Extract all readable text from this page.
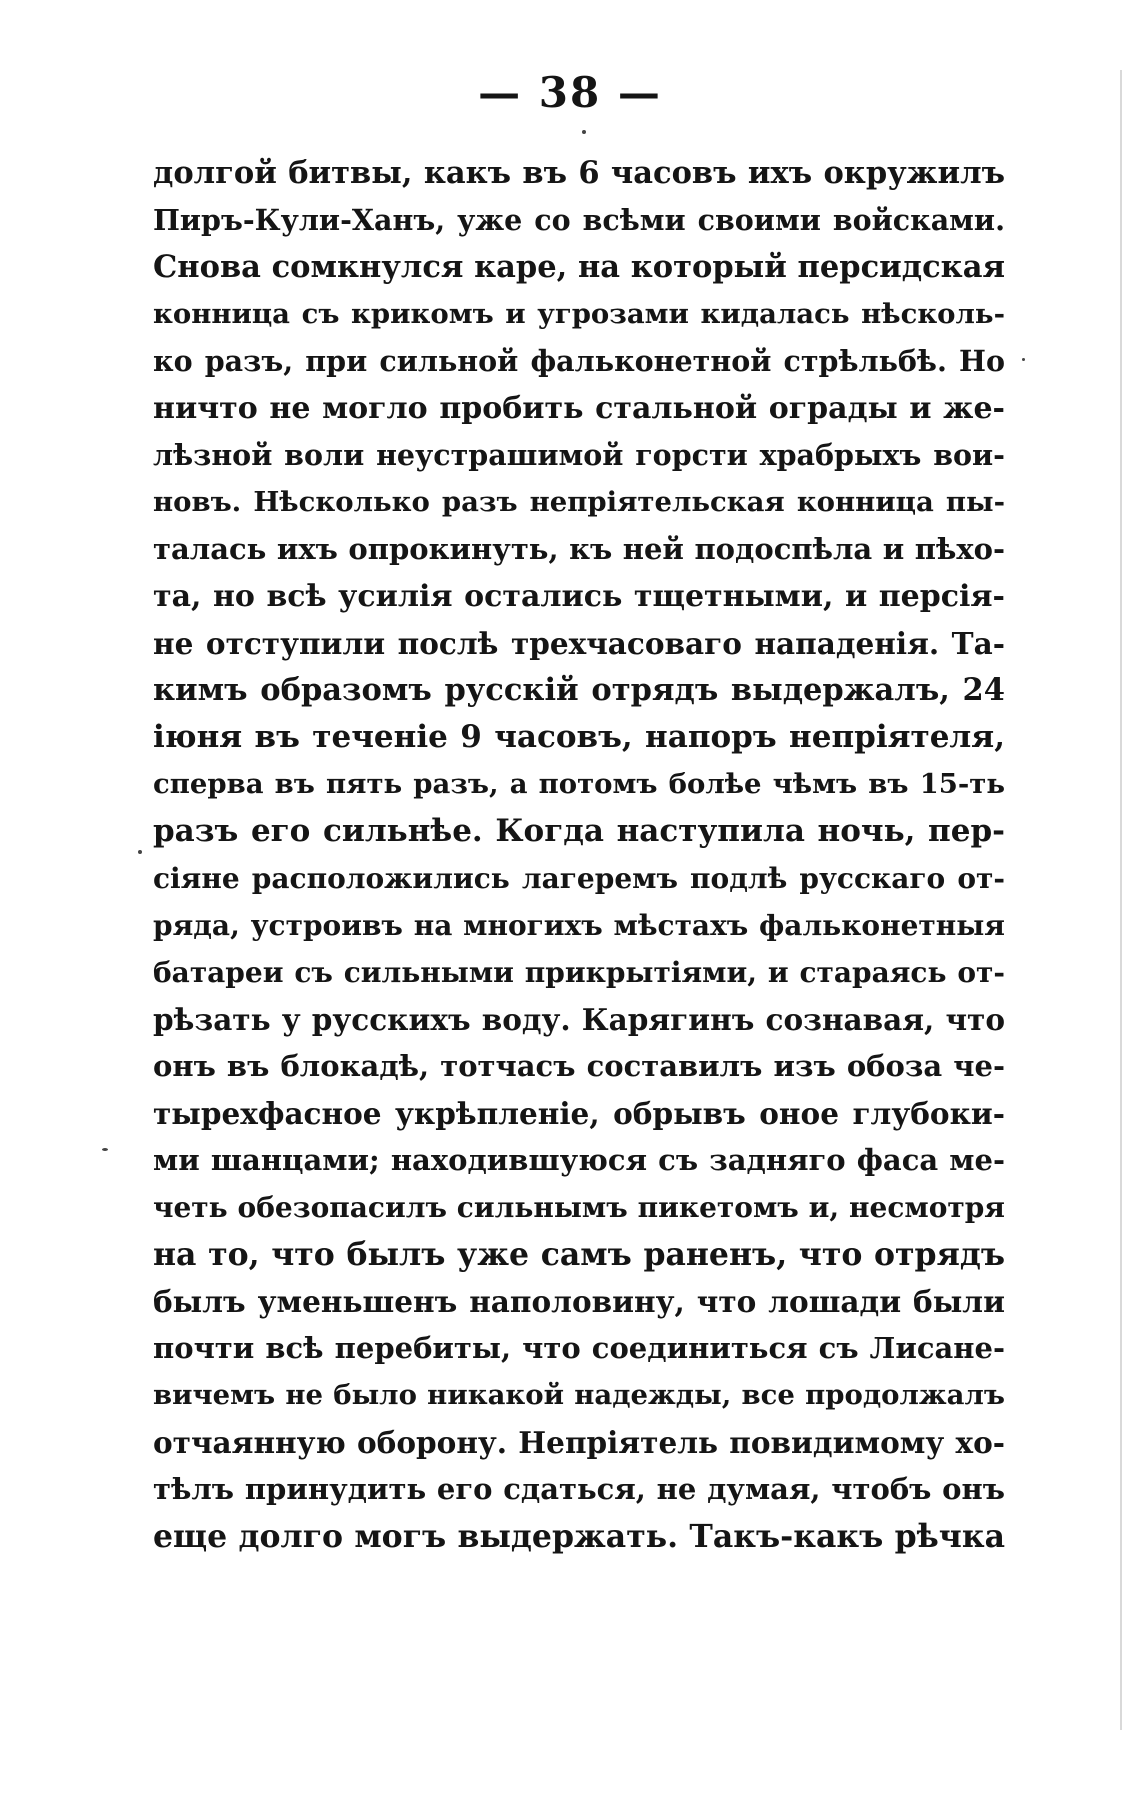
— 38 —
долгой битвы, какъ въ 6 часовъ ихъ окружилъ
Пиръ-Кули-Ханъ, уже со всѣми своими войсками.
Снова сомкнулся каре, на который персидская
конница съ крикомъ и угрозами кидалась нѣсколь-
ко разъ, при сильной фальконетной стрѣльбѣ. Но
ничто не могло пробить стальной ограды и же-
лѣзной воли неустрашимой горсти храбрыхъ вои-
новъ. Нѣсколько разъ непріятельская конница пы-
талась ихъ опрокинуть, къ ней подоспѣла и пѣхо-
та, но всѣ усилія остались тщетными, и персія-
не отступили послѣ трехчасоваго нападенія. Та-
кимъ образомъ русскій отрядъ выдержалъ, 24
іюня въ теченіе 9 часовъ, напоръ непріятеля,
сперва въ пять разъ, а потомъ болѣе чѣмъ въ 15-ть
разъ его сильнѣе. Когда наступила ночь, пер-
сіяне расположились лагеремъ подлѣ русскаго от-
ряда, устроивъ на многихъ мѣстахъ фальконетныя
батареи съ сильными прикрытіями, и стараясь от-
рѣзать у русскихъ воду. Карягинъ сознавая, что
онъ въ блокадѣ, тотчасъ составилъ изъ обоза че-
тырехфасное укрѣпленіе, обрывъ оное глубоки-
ми шанцами; находившуюся съ задняго фаса ме-
четь обезопасилъ сильнымъ пикетомъ и, несмотря
на то, что былъ уже самъ раненъ, что отрядъ
былъ уменьшенъ наполовину, что лошади были
почти всѣ перебиты, что соединиться съ Лисане-
вичемъ не было никакой надежды, все продолжалъ
отчаянную оборону. Непріятель повидимому хо-
тѣлъ принудить его сдаться, не думая, чтобъ онъ
еще долго могъ выдержать. Такъ-какъ рѣчка
